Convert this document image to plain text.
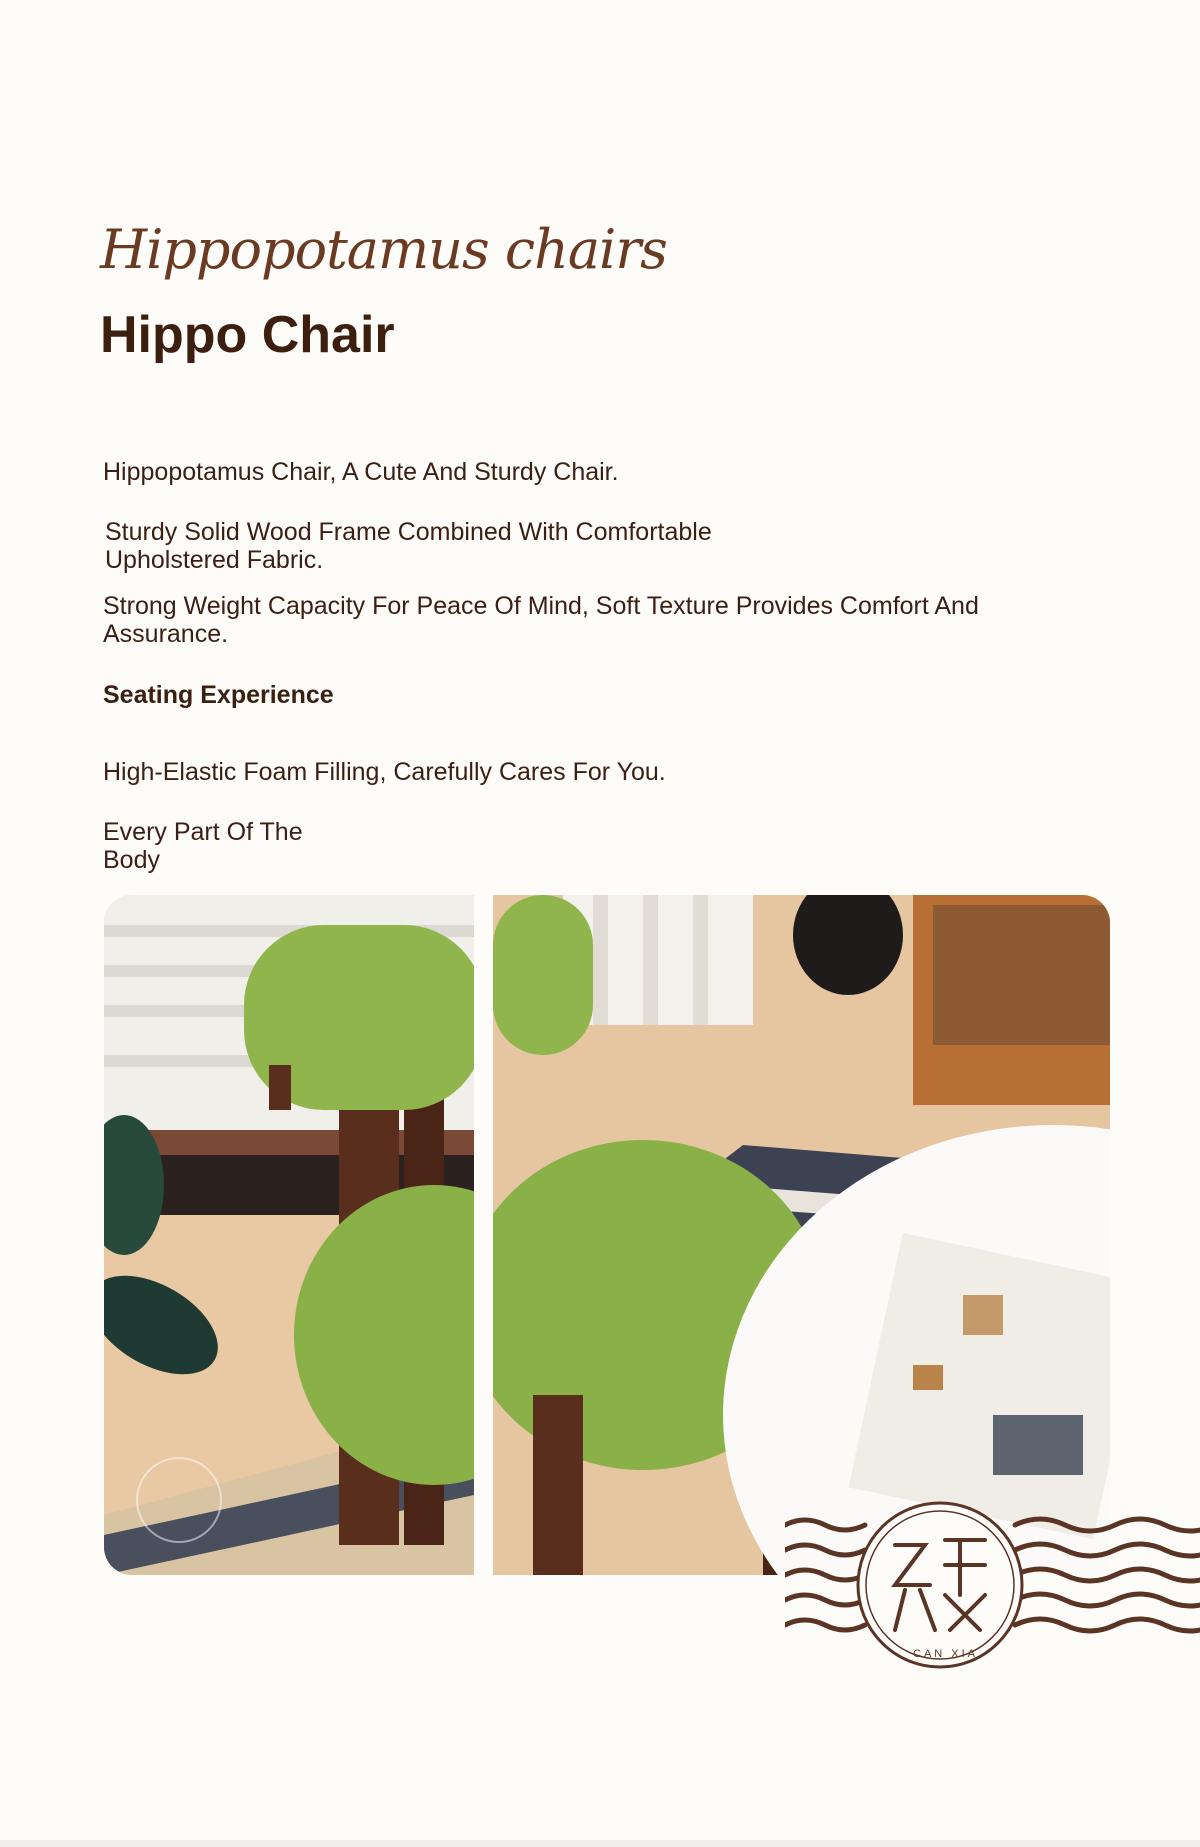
Hippopotamus chairs
Hippo Chair
Hippopotamus Chair, A Cute And Sturdy Chair.
Sturdy Solid Wood Frame Combined With Comfortable Upholstered Fabric.
Strong Weight Capacity For Peace Of Mind, Soft Texture Provides Comfort And Assurance.
Seating Experience
High-Elastic Foam Filling, Carefully Cares For You.
Every Part Of The Body
CAN XIA
